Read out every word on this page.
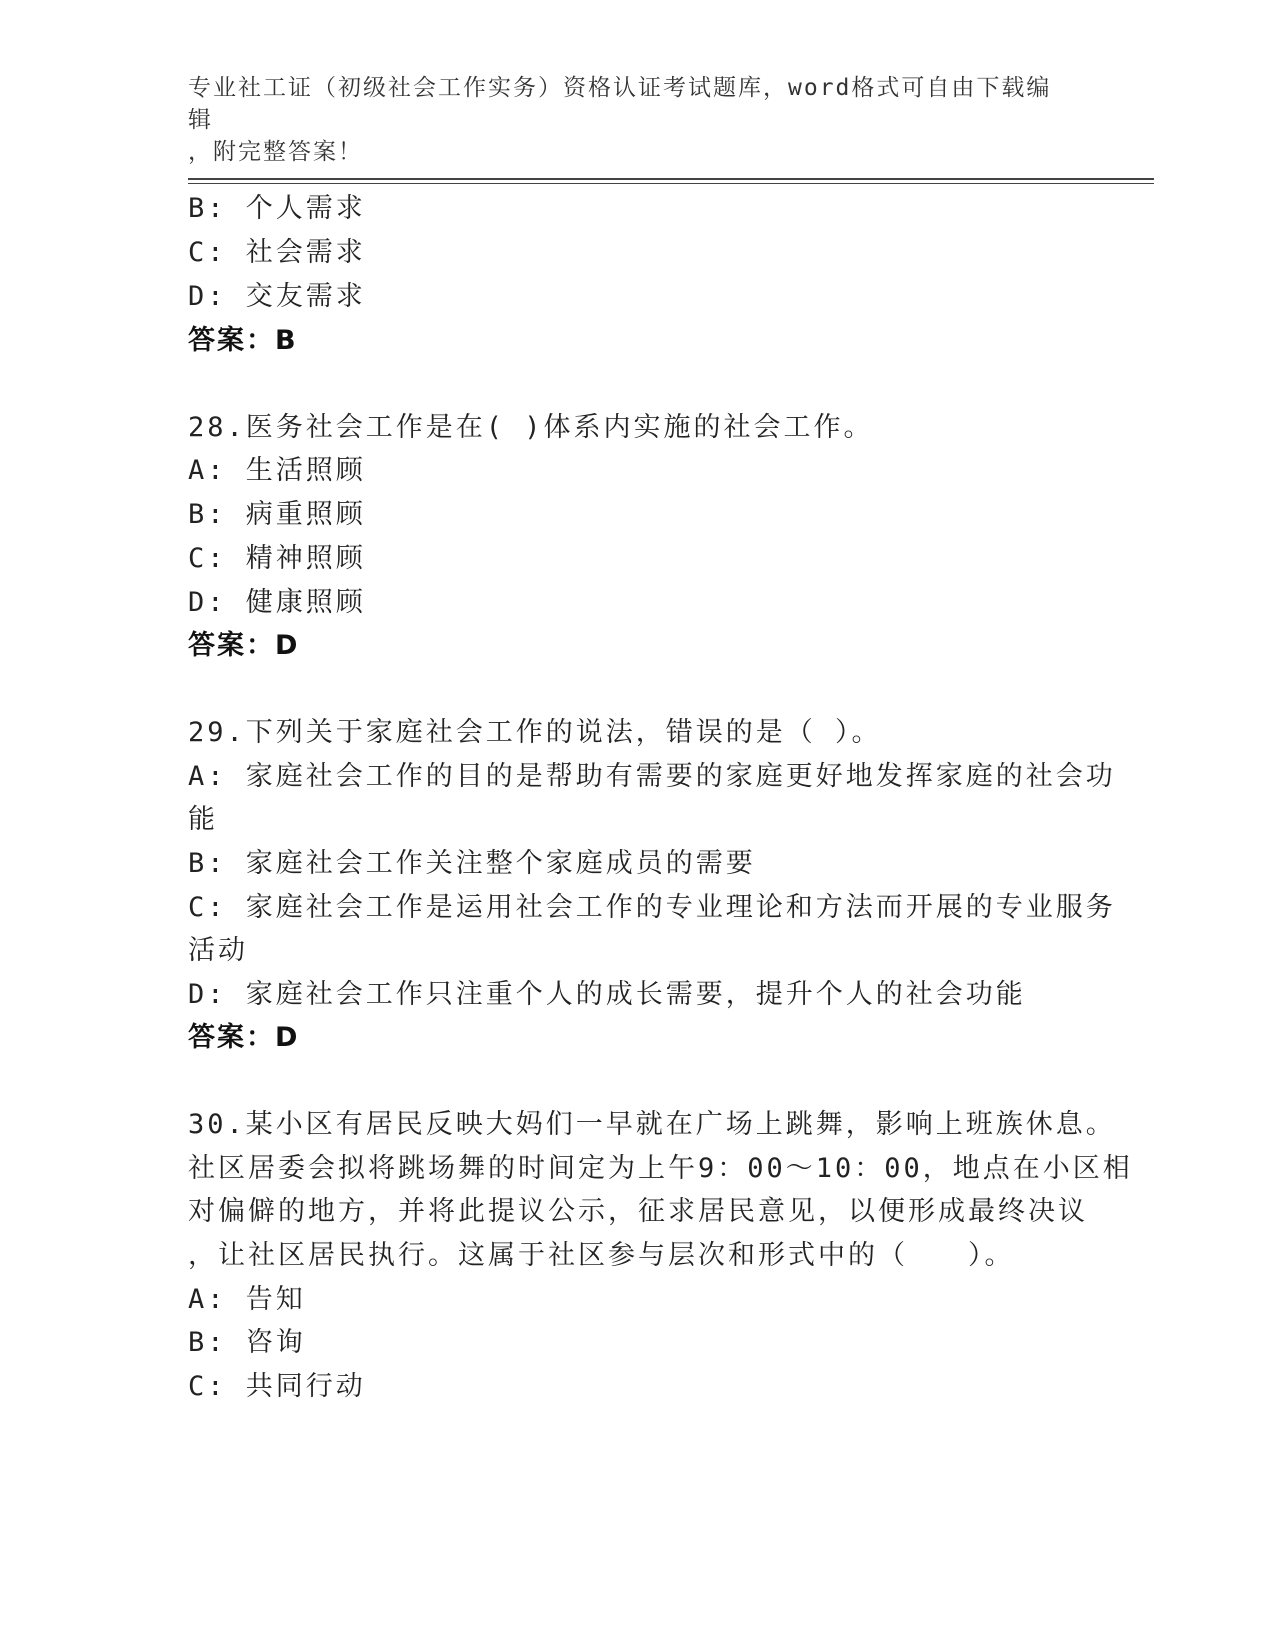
专业社工证（初级社会工作实务）资格认证考试题库，word格式可自由下载编辑
，附完整答案！
B: 个人需求
C: 社会需求
D: 交友需求
答案：B
28.医务社会工作是在( )体系内实施的社会工作。
A: 生活照顾
B: 病重照顾
C: 精神照顾
D: 健康照顾
答案：D
29.下列关于家庭社会工作的说法，错误的是（ ）。
A: 家庭社会工作的目的是帮助有需要的家庭更好地发挥家庭的社会功
能
B: 家庭社会工作关注整个家庭成员的需要
C: 家庭社会工作是运用社会工作的专业理论和方法而开展的专业服务
活动
D: 家庭社会工作只注重个人的成长需要，提升个人的社会功能
答案：D
30.某小区有居民反映大妈们一早就在广场上跳舞，影响上班族休息。
社区居委会拟将跳场舞的时间定为上午9：00～10：00，地点在小区相
对偏僻的地方，并将此提议公示，征求居民意见，以便形成最终决议
，让社区居民执行。这属于社区参与层次和形式中的（　　）。
A: 告知
B: 咨询
C: 共同行动
